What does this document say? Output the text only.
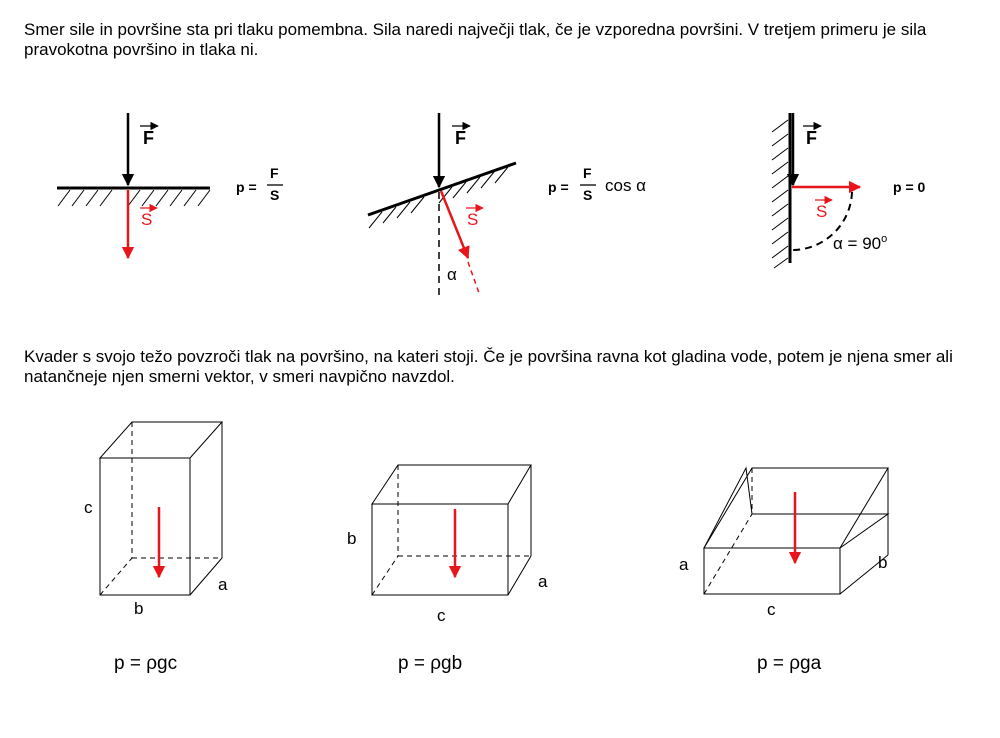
Smer sile in površine sta pri tlaku pomembna. Sila naredi največji tlak, če je vzporedna površini. V tretjem primeru je sila pravokotna površino in tlaka ni.

Kvader s svojo težo povzroči tlak na površino, na kateri stoji. Če je površina ravna kot gladina vode, potem je njena smer ali natančneje njen smerni vektor, v smeri navpično navzdol.

F
S
p =
F
S
F
S
α
p =
F
S cos α
F
S
p = 0
$\alpha = 90^o$
c
a
b
p = ρgc
b
a
c
p = ρgb
a	b
c
p = ρga
